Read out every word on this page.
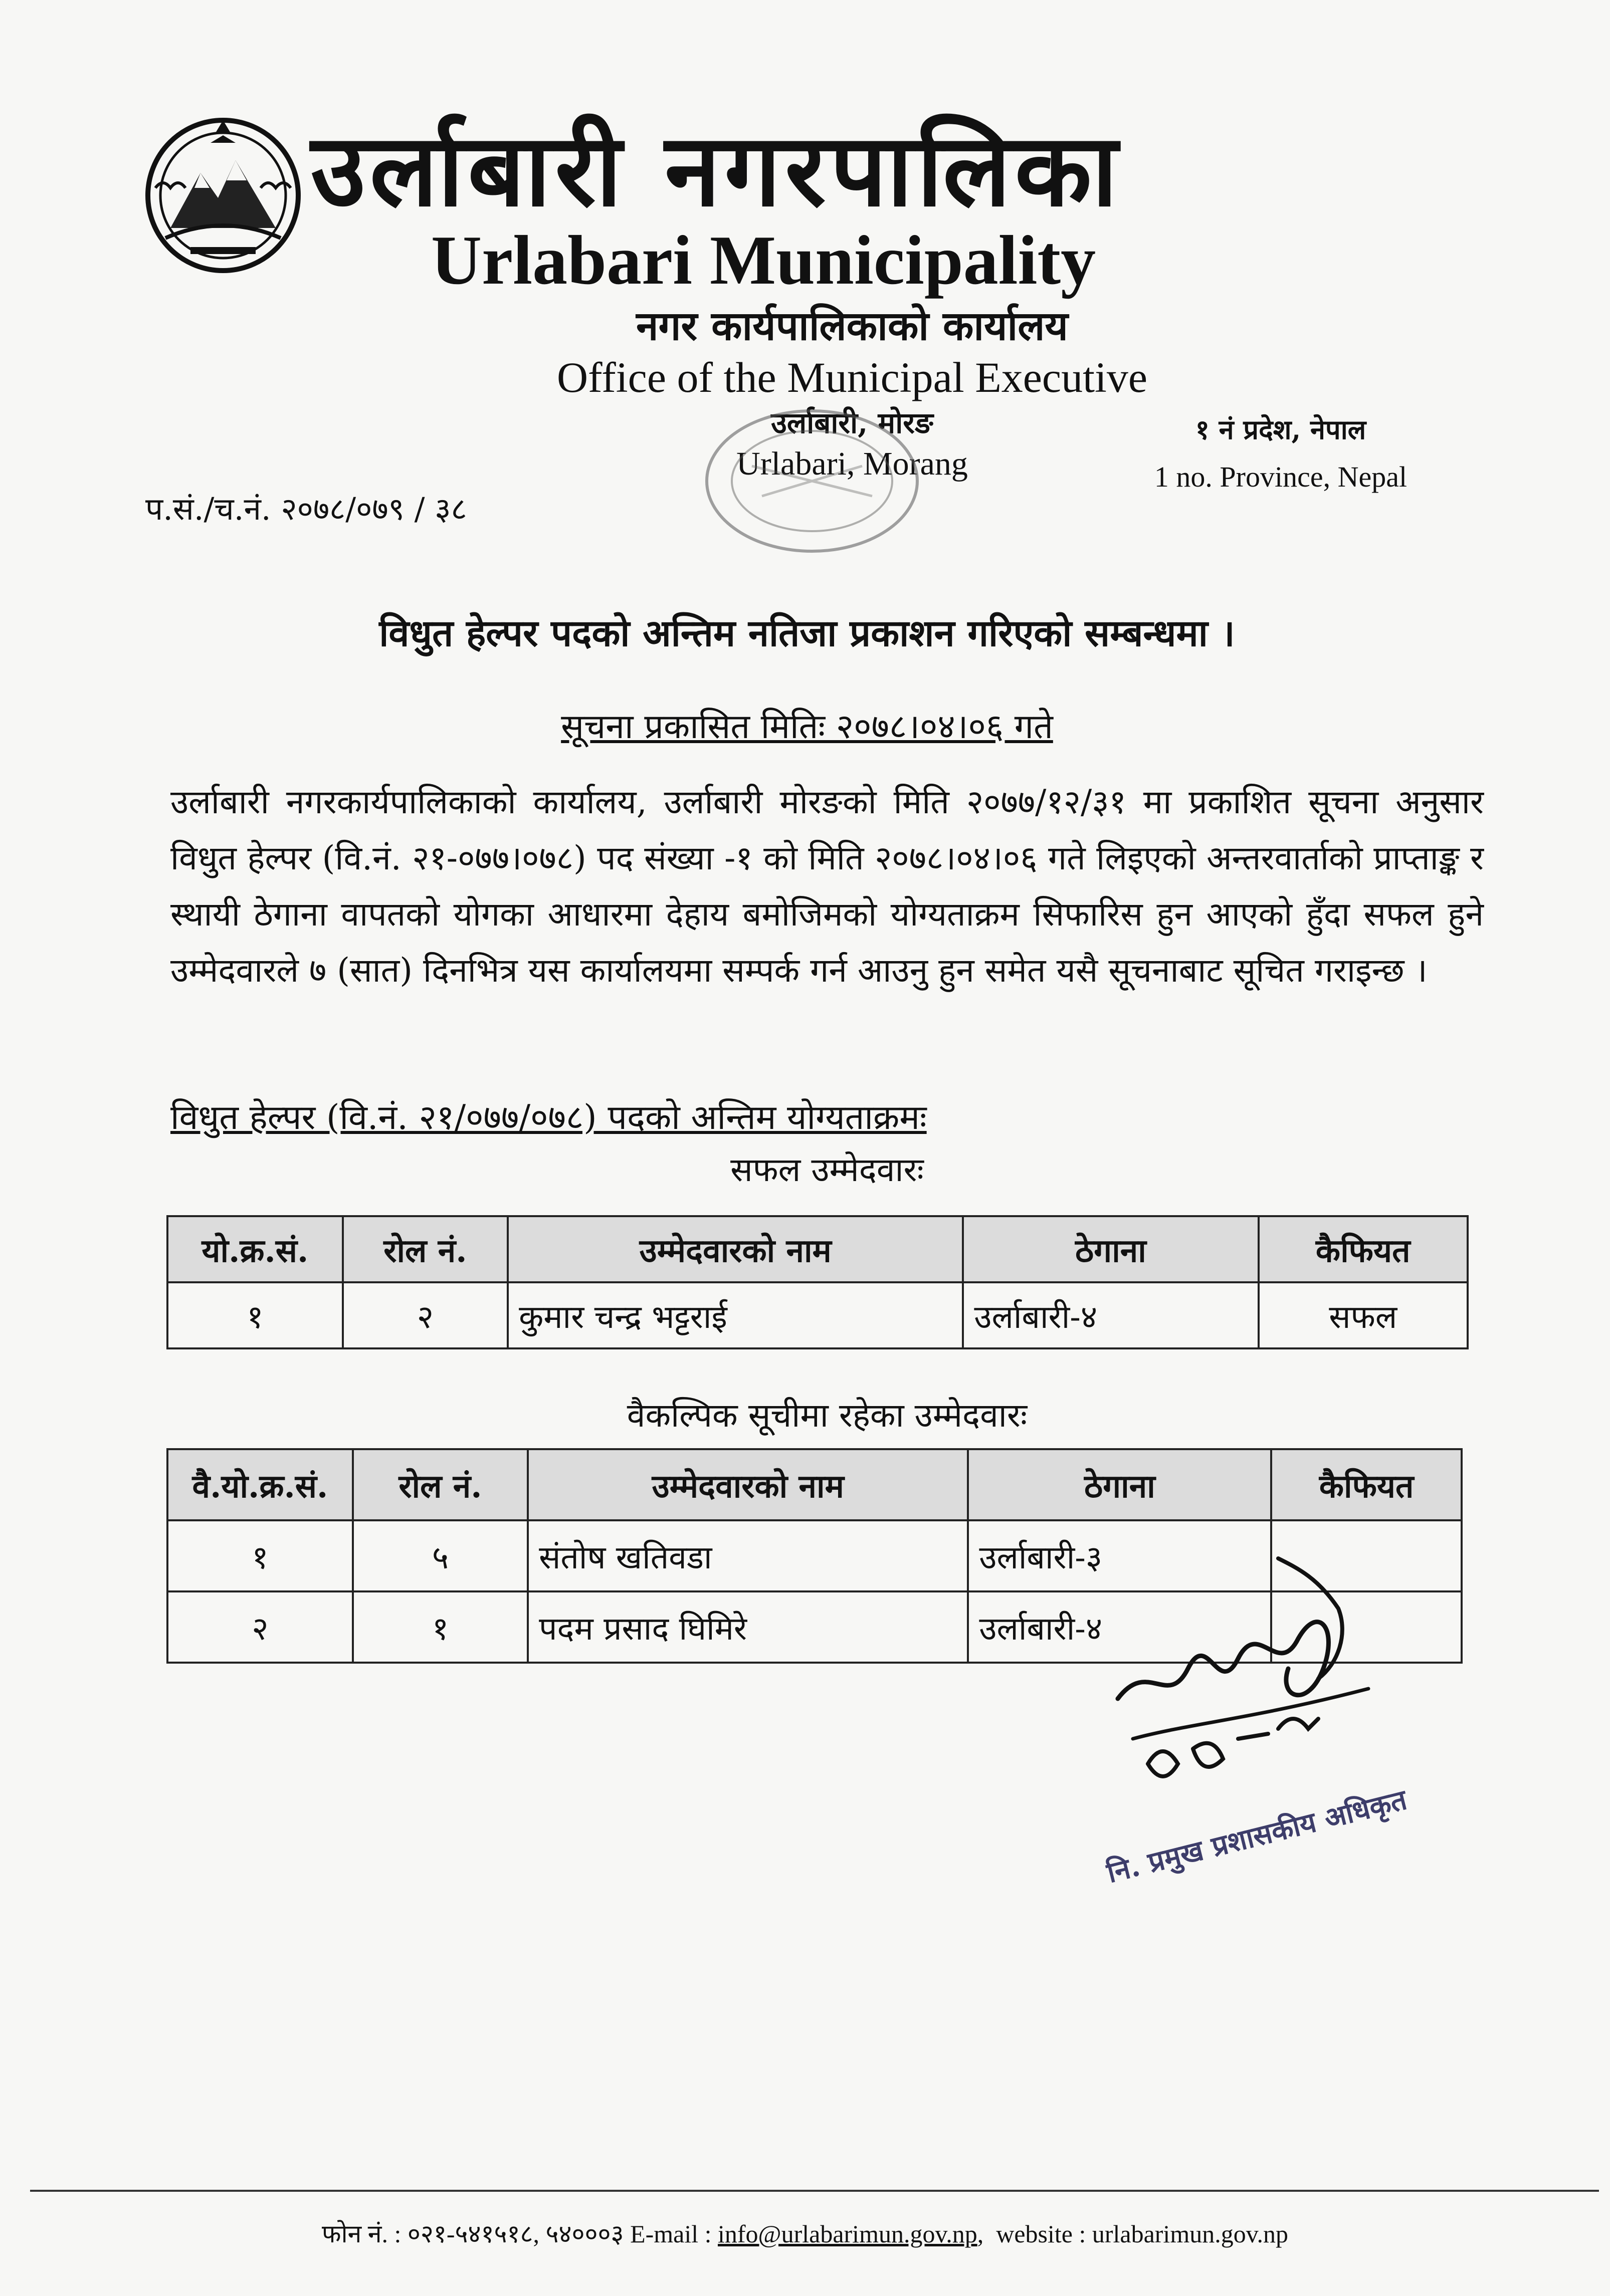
उर्लाबारी नगरपालिका
Urlabari Municipality
नगर कार्यपालिकाको कार्यालय
Office of the Municipal Executive
उर्लाबारी, मोरङ
Urlabari, Morang
१ नं प्रदेश, नेपाल
1 no. Province, Nepal
प.सं./च.नं. २०७८/०७९ / ३८
विधुत हेल्पर पदको अन्तिम नतिजा प्रकाशन गरिएको सम्बन्धमा ।
सूचना प्रकासित मितिः २०७८।०४।०६ गते
उर्लाबारी नगरकार्यपालिकाको कार्यालय, उर्लाबारी मोरङको मिति २०७७/१२/३१ मा प्रकाशित सूचना अनुसार विधुत हेल्पर (वि.नं. २१-०७७।०७८) पद संख्या -१ को मिति २०७८।०४।०६ गते लिइएको अन्तरवार्ताको प्राप्ताङ्क र स्थायी ठेगाना वापतको योगका आधारमा देहाय बमोजिमको योग्यताक्रम सिफारिस हुन आएको हुँदा सफल हुने उम्मेदवारले ७ (सात) दिनभित्र यस कार्यालयमा सम्पर्क गर्न आउनु हुन समेत यसै सूचनाबाट सूचित गराइन्छ ।
विधुत हेल्पर (वि.नं. २१/०७७/०७८) पदको अन्तिम योग्यताक्रमः
सफल उम्मेदवारः
यो.क्र.सं.	रोल नं.	उम्मेदवारको नाम	ठेगाना	कैफियत
१	२	कुमार चन्द्र भट्टराई	उर्लाबारी-४	सफल
वैकल्पिक सूचीमा रहेका उम्मेदवारः
वै.यो.क्र.सं.	रोल नं.	उम्मेदवारको नाम	ठेगाना	कैफियत
१	५	संतोष खतिवडा	उर्लाबारी-३	
२	१	पदम प्रसाद घिमिरे	उर्लाबारी-४	
नि. प्रमुख प्रशासकीय अधिकृत
फोन नं. : ०२१-५४१५१८, ५४०००३ E-mail : info@urlabarimun.gov.np,  website : urlabarimun.gov.np
